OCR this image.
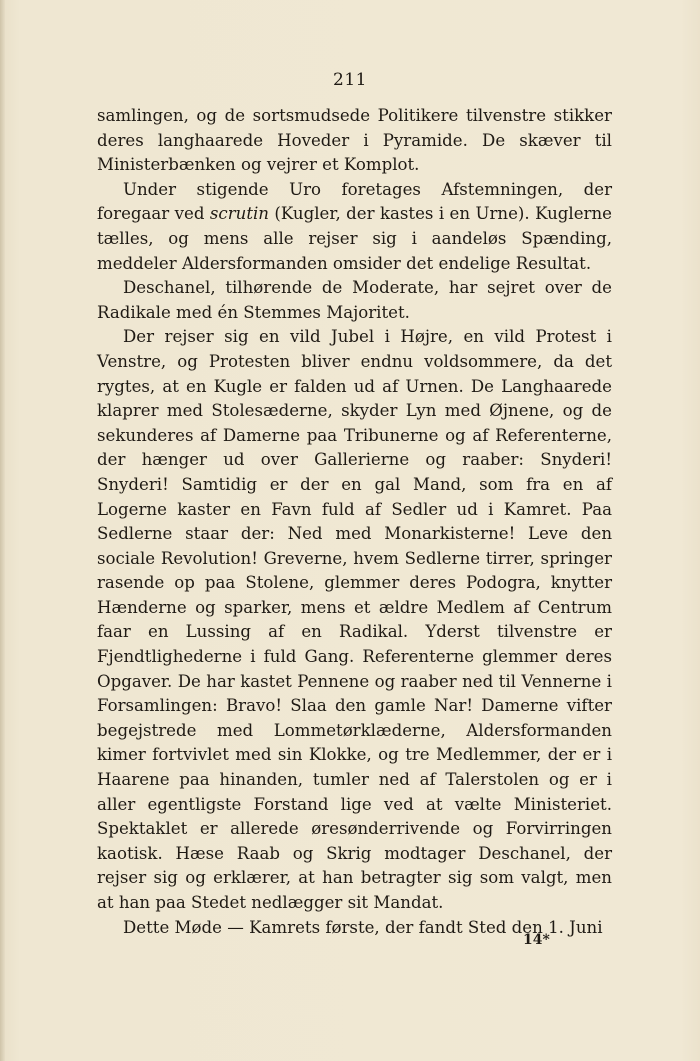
211

samlingen, og de sortsmudsede Politikere tilvenstre stikker deres langhaarede Hoveder i Pyramide. De skæver til Ministerbænken og vejrer et Komplot.

Under stigende Uro foretages Afstemningen, der foregaar ved scrutin (Kugler, der kastes i en Urne). Kuglerne tælles, og mens alle rejser sig i aandeløs Spænding, meddeler Aldersformanden omsider det endelige Resultat.

Deschanel, tilhørende de Moderate, har sejret over de Radikale med én Stemmes Majoritet.

Der rejser sig en vild Jubel i Højre, en vild Protest i Venstre, og Protesten bliver endnu voldsommere, da det rygtes, at en Kugle er falden ud af Urnen. De Langhaarede klaprer med Stolesæderne, skyder Lyn med Øjnene, og de sekunderes af Damerne paa Tribunerne og af Referenterne, der hænger ud over Gallerierne og raaber: Snyderi! Snyderi! Samtidig er der en gal Mand, som fra en af Logerne kaster en Favn fuld af Sedler ud i Kamret. Paa Sedlerne staar der: Ned med Monarkisterne! Leve den sociale Revolution! Greverne, hvem Sedlerne tirrer, springer rasende op paa Stolene, glemmer deres Podogra, knytter Hænderne og sparker, mens et ældre Medlem af Centrum faar en Lussing af en Radikal. Yderst tilvenstre er Fjendtlighederne i fuld Gang. Referenterne glemmer deres Opgaver. De har kastet Pennene og raaber ned til Vennerne i Forsamlingen: Bravo! Slaa den gamle Nar! Damerne vifter begejstrede med Lommetørklæderne, Aldersformanden kimer fortvivlet med sin Klokke, og tre Medlemmer, der er i Haarene paa hinanden, tumler ned af Talerstolen og er i aller egentligste Forstand lige ved at vælte Ministeriet. Spektaklet er allerede øresønderrivende og Forvirringen kaotisk. Hæse Raab og Skrig modtager Deschanel, der rejser sig og erklærer, at han betragter sig som valgt, men at han paa Stedet nedlægger sit Mandat.

Dette Møde — Kamrets første, der fandt Sted den 1. Juni

14*
